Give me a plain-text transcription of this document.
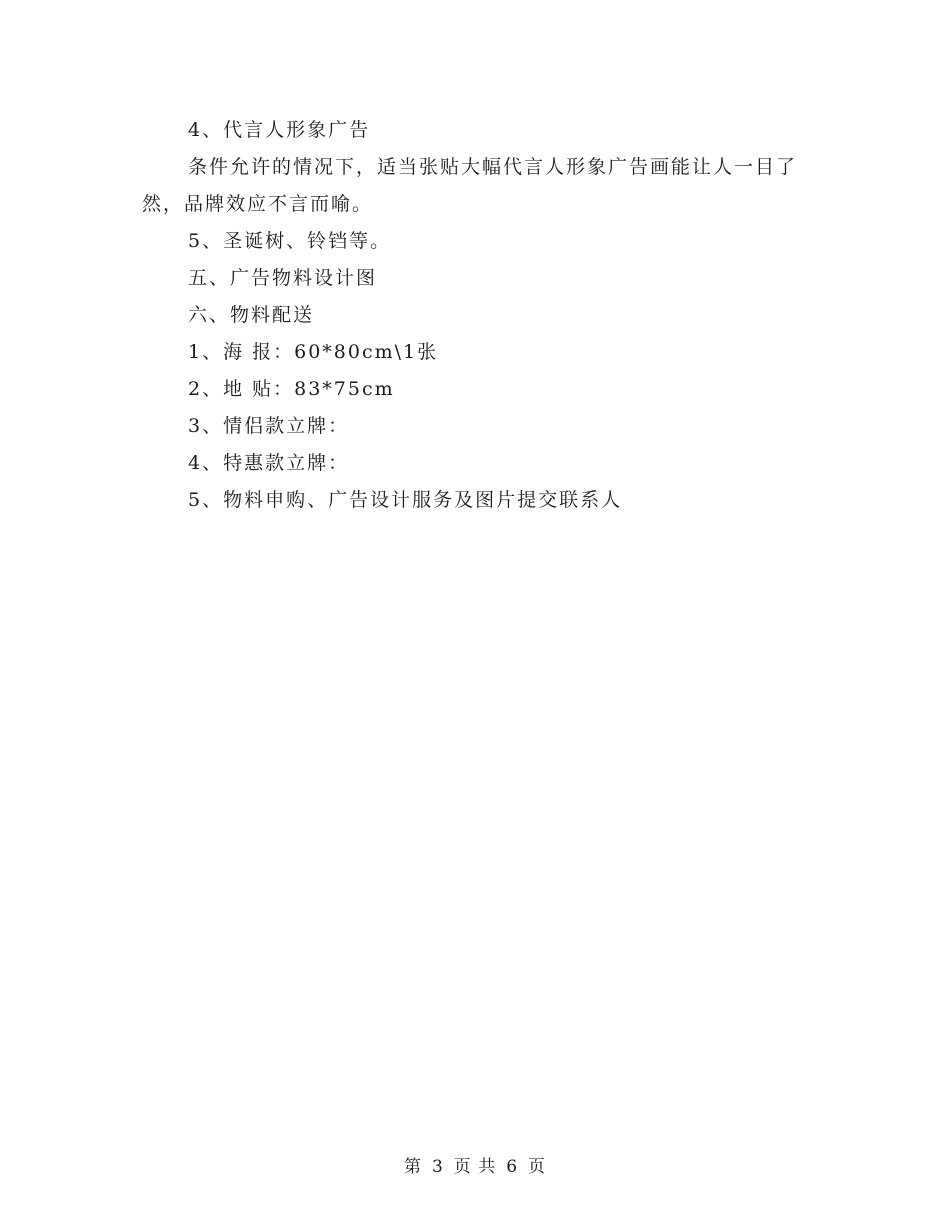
4、代言人形象广告

条件允许的情况下，适当张贴大幅代言人形象广告画能让人一目了然，品牌效应不言而喻。

5、圣诞树、铃铛等。

五、广告物料设计图

六、物料配送

1、海 报：60*80cm\1张

2、地 贴：83*75cm

3、情侣款立牌：

4、特惠款立牌：

5、物料申购、广告设计服务及图片提交联系人

第 3 页 共 6 页
